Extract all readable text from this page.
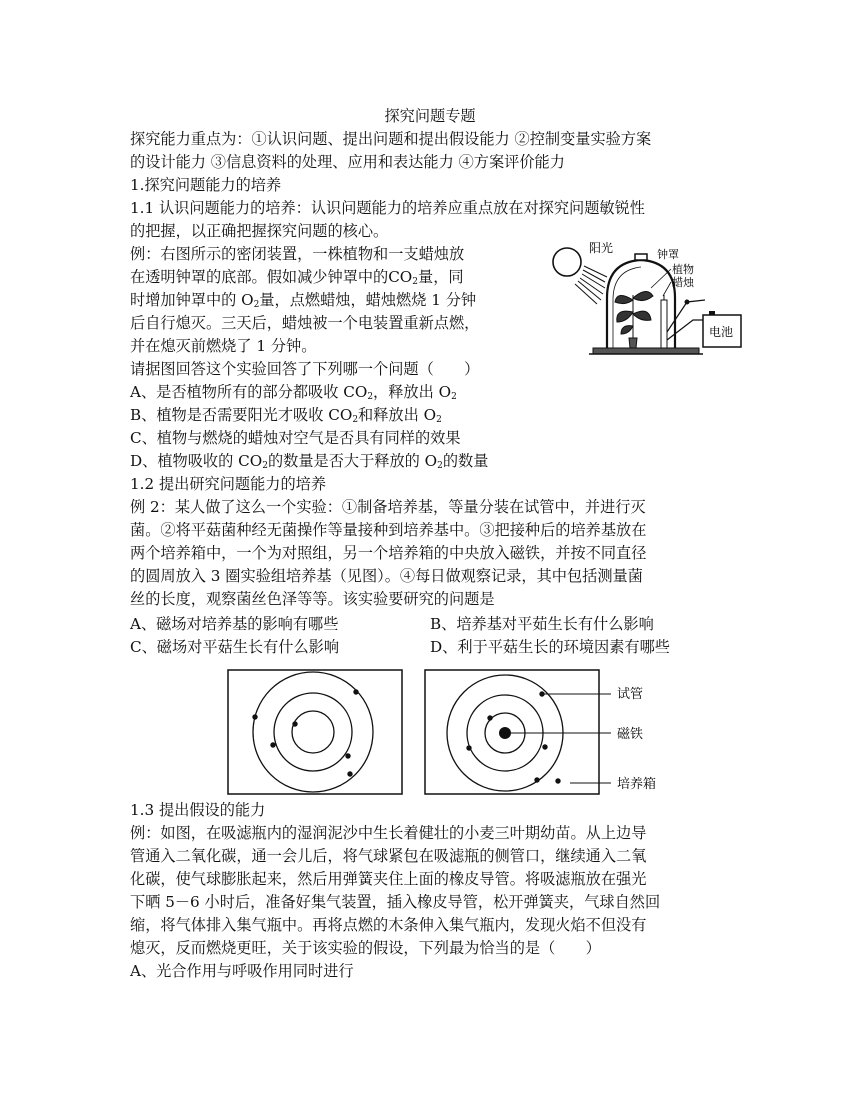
探究问题专题
探究能力重点为：①认识问题、提出问题和提出假设能力 ②控制变量实验方案
的设计能力 ③信息资料的处理、应用和表达能力 ④方案评价能力
1.探究问题能力的培养
1.1 认识问题能力的培养：认识问题能力的培养应重点放在对探究问题敏锐性
的把握，以正确把握探究问题的核心。
例：右图所示的密闭装置，一株植物和一支蜡烛放
在透明钟罩的底部。假如减少钟罩中的$CO_2$量，同
时增加钟罩中的 $O_2$量，点燃蜡烛，蜡烛燃烧 1 分钟
后自行熄灭。三天后，蜡烛被一个电装置重新点燃，
并在熄灭前燃烧了 1 分钟。
请据图回答这个实验回答了下列哪一个问题（　　）
A、是否植物所有的部分都吸收 $CO_2$，释放出 $O_2$
B、植物是否需要阳光才吸收 $CO_2$和释放出 $O_2$
C、植物与燃烧的蜡烛对空气是否具有同样的效果
D、植物吸收的 $CO_2$的数量是否大于释放的 $O_2$的数量
阳光	钟罩
植物
蜡烛
电池
1.2 提出研究问题能力的培养
例 2：某人做了这么一个实验：①制备培养基，等量分装在试管中，并进行灭
菌。②将平菇菌种经无菌操作等量接种到培养基中。③把接种后的培养基放在
两个培养箱中，一个为对照组，另一个培养箱的中央放入磁铁，并按不同直径
的圆周放入 3 圈实验组培养基（见图）。④每日做观察记录，其中包括测量菌
丝的长度，观察菌丝色泽等等。该实验要研究的问题是
A、磁场对培养基的影响有哪些	B、培养基对平茹生长有什么影响
C、磁场对平菇生长有什么影响	D、利于平菇生长的环境因素有哪些
试管
磁铁
培养箱
1.3 提出假设的能力
例：如图，在吸滤瓶内的湿润泥沙中生长着健壮的小麦三叶期幼苗。从上边导
管通入二氧化碳，通一会儿后，将气球紧包在吸滤瓶的侧管口，继续通入二氧
化碳，使气球膨胀起来，然后用弹簧夹住上面的橡皮导管。将吸滤瓶放在强光
下晒 5－6 小时后，准备好集气装置，插入橡皮导管，松开弹簧夹，气球自然回
缩，将气体排入集气瓶中。再将点燃的木条伸入集气瓶内，发现火焰不但没有
熄灭，反而燃烧更旺，关于该实验的假设，下列最为恰当的是（　　）
A、光合作用与呼吸作用同时进行
